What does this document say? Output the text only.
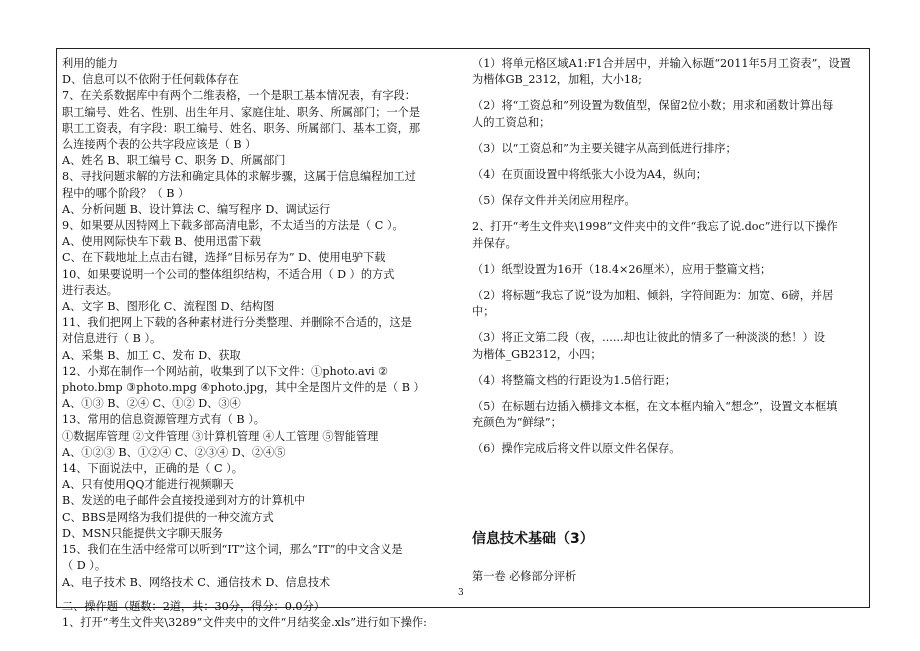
利用的能力
D、信息可以不依附于任何载体存在
7、在关系数据库中有两个二维表格，一个是职工基本情况表，有字段：
职工编号、姓名、性别、出生年月、家庭住址、职务、所属部门；一个是
职工工资表，有字段：职工编号、姓名、职务、所属部门、基本工资，那
么连接两个表的公共字段应该是（ B ）
A、姓名 B、职工编号 C、职务 D、所属部门
8、寻找问题求解的方法和确定具体的求解步骤，这属于信息编程加工过
程中的哪个阶段？（ B ）
A、分析问题 B、设计算法 C、编写程序 D、调试运行
9、如果要从因特网上下载多部高清电影，不太适当的方法是（ C ）。
A、使用网际快车下载 B、使用迅雷下载
C、在下载地址上点击右键，选择“目标另存为” D、使用电驴下载
10、如果要说明一个公司的整体组织结构，不适合用（ D ）的方式
进行表达。
A、文字 B、图形化 C、流程图 D、结构图
11、我们把网上下载的各种素材进行分类整理、并删除不合适的，这是
对信息进行（ B ）。
A、采集 B、加工 C、发布 D、获取
12、小郑在制作一个网站前，收集到了以下文件：①photo.avi ②
photo.bmp ③photo.mpg ④photo.jpg，其中全是图片文件的是（ B ）
A、①③ B、②④ C、①② D、③④
13、常用的信息资源管理方式有（ B ）。
①数据库管理 ②文件管理 ③计算机管理 ④人工管理 ⑤智能管理
A、①②③ B、①②④ C、②③④ D、②④⑤
14、下面说法中，正确的是（ C ）。
A、只有使用QQ才能进行视频聊天
B、发送的电子邮件会直接投递到对方的计算机中
C、BBS是网络为我们提供的一种交流方式
D、MSN只能提供文字聊天服务
15、我们在生活中经常可以听到“IT”这个词，那么“IT”的中文含义是
（ D ）。
A、电子技术 B、网络技术 C、通信技术 D、信息技术
二、操作题（题数：2道，共：30分，得分：0.0分）
1、打开“考生文件夹\3289”文件夹中的文件“月结奖金.xls”进行如下操作:
（1）将单元格区域A1:F1合并居中，并输入标题“2011年5月工资表”，设置
为楷体GB_2312，加粗，大小18;
（2）将“工资总和”列设置为数值型，保留2位小数；用求和函数计算出每
人的工资总和；
（3）以“工资总和”为主要关键字从高到低进行排序；
（4）在页面设置中将纸张大小设为A4，纵向；
（5）保存文件并关闭应用程序。
2、打开“考生文件夹\1998”文件夹中的文件“我忘了说.doc”进行以下操作
并保存。
（1）纸型设置为16开（18.4×26厘米），应用于整篇文档；
（2）将标题“我忘了说”设为加粗、倾斜，字符间距为：加宽、6磅，并居
中；
（3）将正文第二段（夜，......却也让彼此的情多了一种淡淡的愁！）设
为楷体_GB2312，小四；
（4）将整篇文档的行距设为1.5倍行距；
（5）在标题右边插入横排文本框，在文本框内输入“想念”，设置文本框填
充颜色为“鲜绿”；
（6）操作完成后将文件以原文件名保存。
信息技术基础（3）
第一卷 必修部分评析
3
